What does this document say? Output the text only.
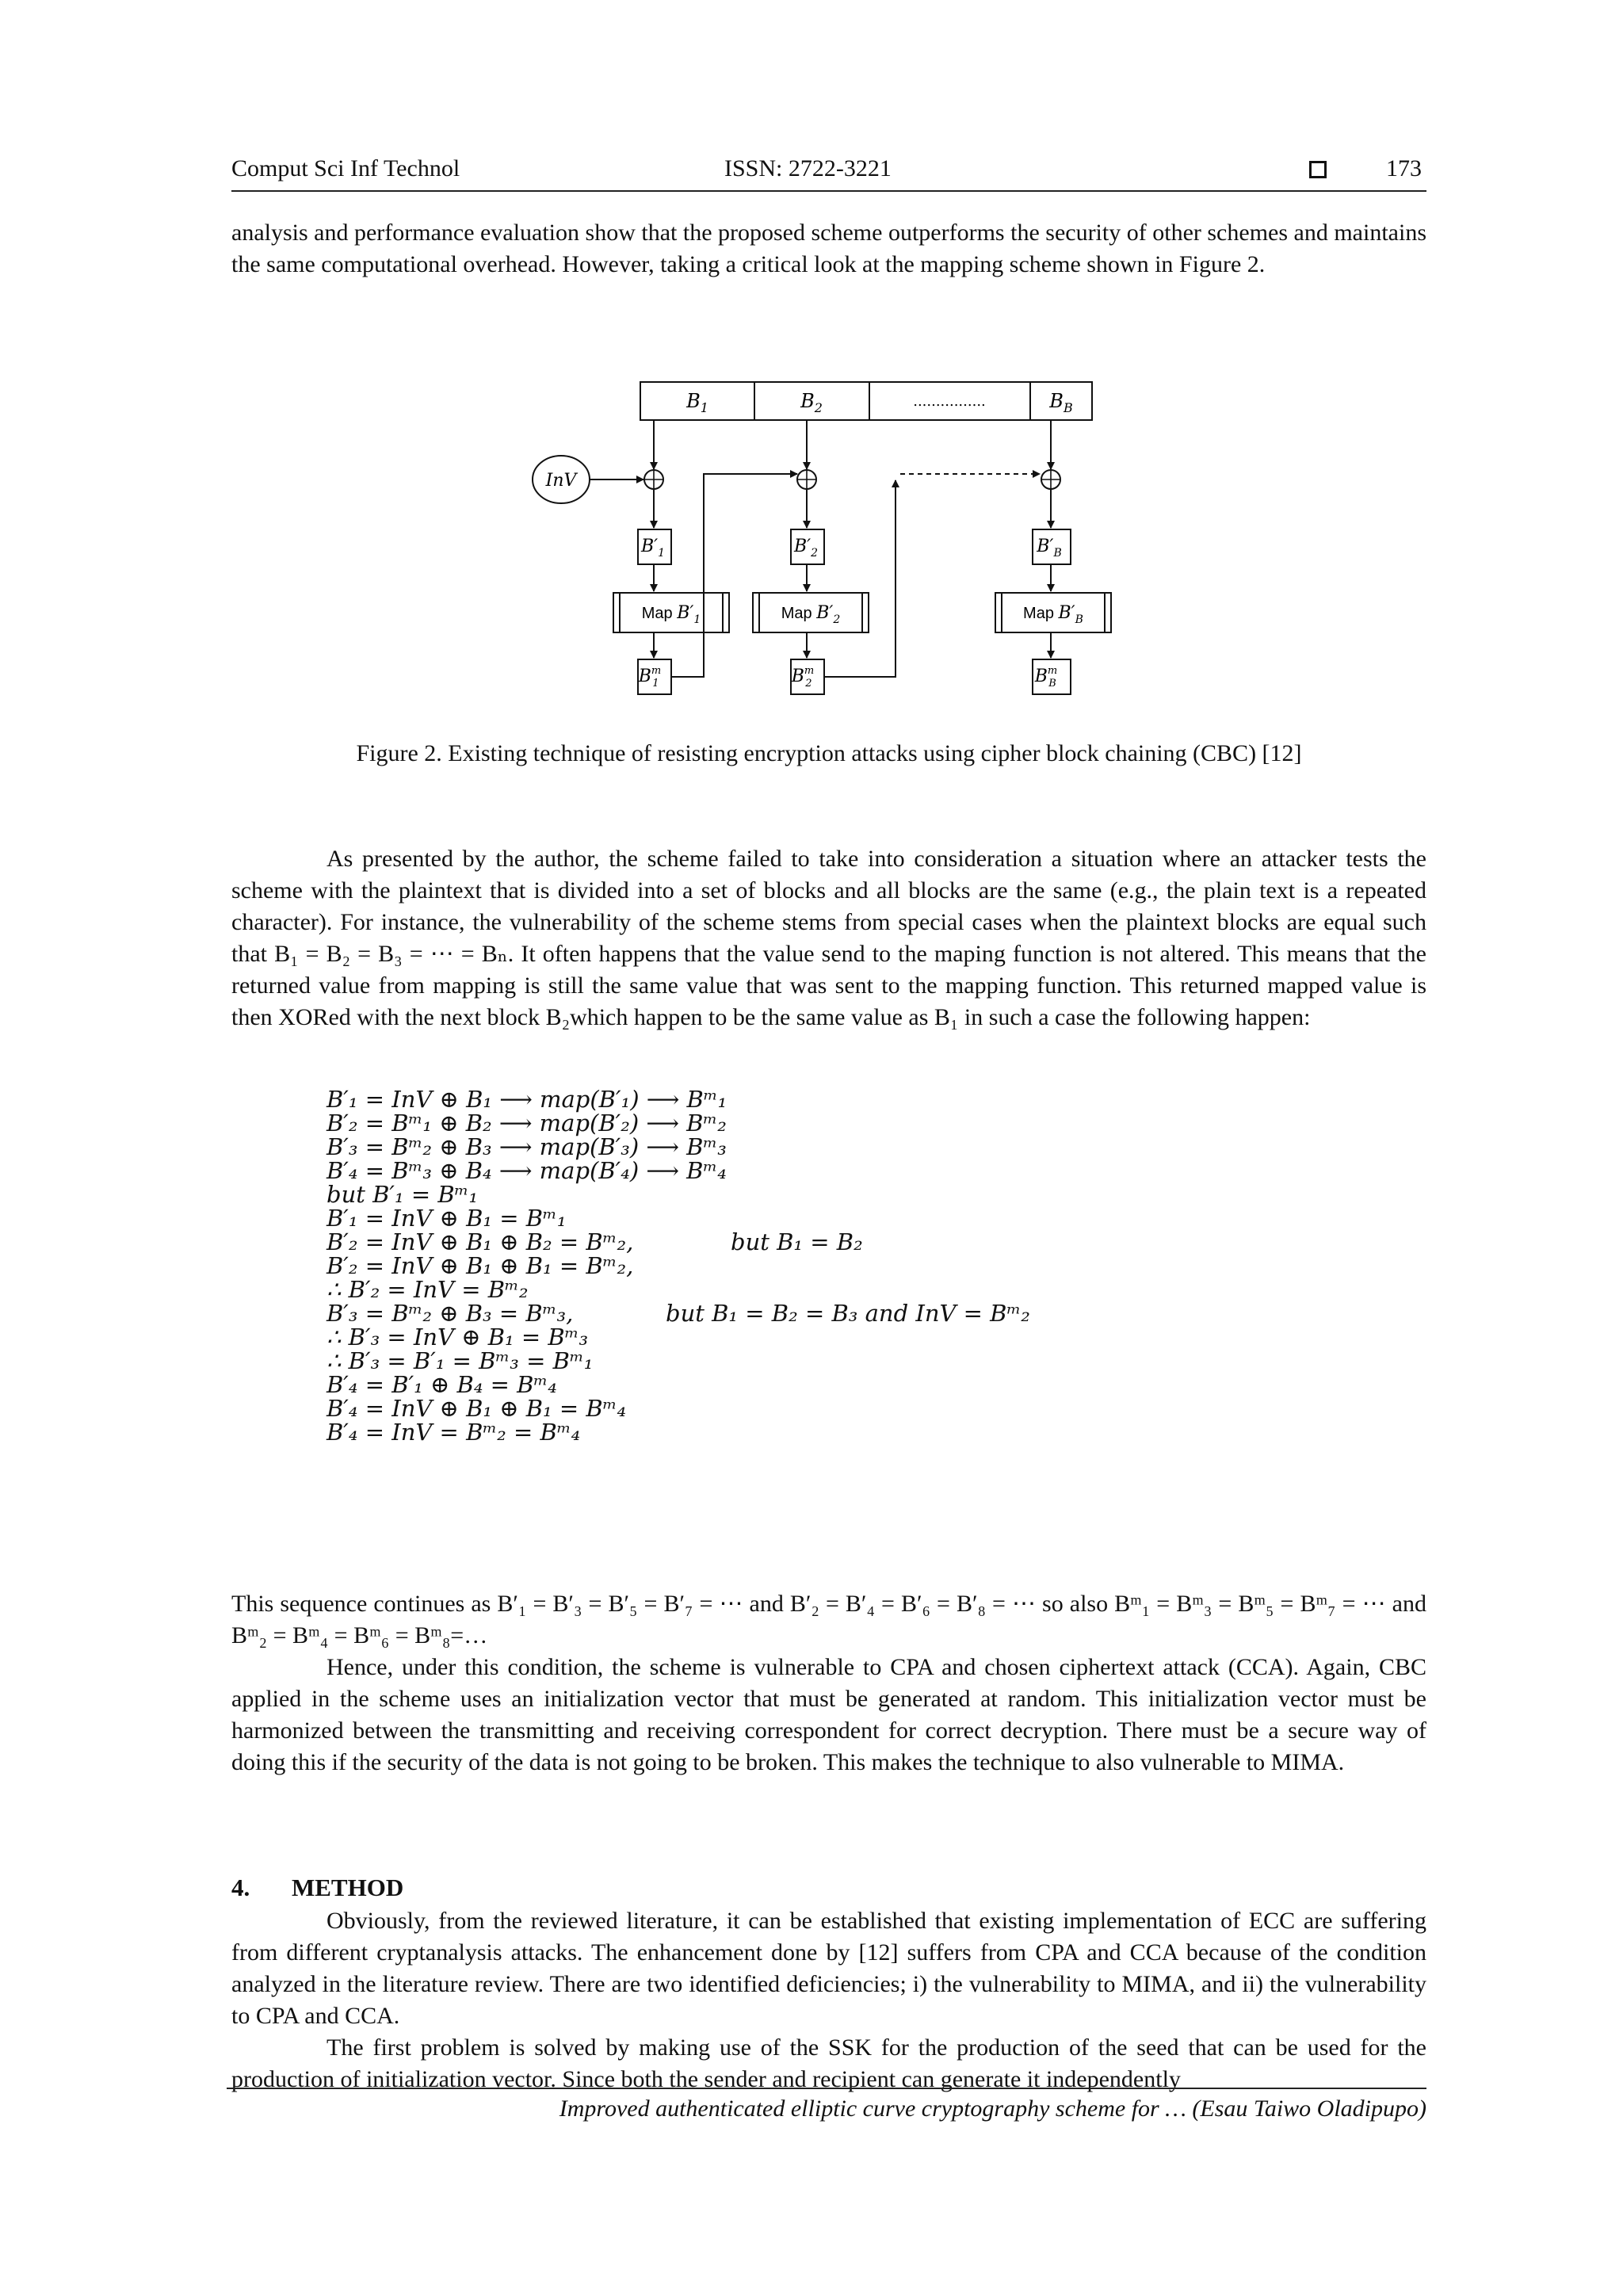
Comput Sci Inf Technol	ISSN: 2722-3221	173

analysis and performance evaluation show that the proposed scheme outperforms the security of other schemes and maintains the same computational overhead. However, taking a critical look at the mapping scheme shown in Figure 2.

$B_1$	$B_2$	................	$B_B$
InV
$B'_1$	$B'_2$	$B'_B$
Map $B'_1$	Map $B'_2$	Map $B'_B$
$B^m$ 1	$B^m$ 2	$B^m$ B
Figure 2. Existing technique of resisting encryption attacks using cipher block chaining (CBC) [12]

As presented by the author, the scheme failed to take into consideration a situation where an attacker tests the scheme with the plaintext that is divided into a set of blocks and all blocks are the same (e.g., the plain text is a repeated character). For instance, the vulnerability of the scheme stems from special cases when the plaintext blocks are equal such that B₁ = B₂ = B₃ = ⋯ = Bₙ. It often happens that the value send to the maping function is not altered. This means that the returned value from mapping is still the same value that was sent to the mapping function. This returned mapped value is then XORed with the next block B₂which happen to be the same value as B₁ in such a case the following happen:

B′₁ = InV ⊕ B₁ ⟶ map(B′₁) ⟶ Bᵐ₁
B′₂ = Bᵐ₁ ⊕ B₂ ⟶ map(B′₂) ⟶ Bᵐ₂
B′₃ = Bᵐ₂ ⊕ B₃ ⟶ map(B′₃) ⟶ Bᵐ₃
B′₄ = Bᵐ₃ ⊕ B₄ ⟶ map(B′₄) ⟶ Bᵐ₄
but B′₁ = Bᵐ₁
B′₁ = InV ⊕ B₁ = Bᵐ₁
B′₂ = InV ⊕ B₁ ⊕ B₂ = Bᵐ₂,	but B₁ = B₂
B′₂ = InV ⊕ B₁ ⊕ B₁ = Bᵐ₂,
∴ B′₂ = InV = Bᵐ₂
B′₃ = Bᵐ₂ ⊕ B₃ = Bᵐ₃,	but B₁ = B₂ = B₃ and InV = Bᵐ₂
∴ B′₃ = InV ⊕ B₁ = Bᵐ₃
∴ B′₃ = B′₁ = Bᵐ₃ = Bᵐ₁
B′₄ = B′₁ ⊕ B₄ = Bᵐ₄
B′₄ = InV ⊕ B₁ ⊕ B₁ = Bᵐ₄
B′₄ = InV = Bᵐ₂ = Bᵐ₄

This sequence continues as B′₁ = B′₃ = B′₅ = B′₇ = ⋯ and B′₂ = B′₄ = B′₆ = B′₈ = ⋯ so also Bᵐ₁ = Bᵐ₃ = Bᵐ₅ = Bᵐ₇ = ⋯ and Bᵐ₂ = Bᵐ₄ = Bᵐ₆ = Bᵐ₈=…

Hence, under this condition, the scheme is vulnerable to CPA and chosen ciphertext attack (CCA). Again, CBC applied in the scheme uses an initialization vector that must be generated at random. This initialization vector must be harmonized between the transmitting and receiving correspondent for correct decryption. There must be a secure way of doing this if the security of the data is not going to be broken. This makes the technique to also vulnerable to MIMA.

4. METHOD

Obviously, from the reviewed literature, it can be established that existing implementation of ECC are suffering from different cryptanalysis attacks. The enhancement done by [12] suffers from CPA and CCA because of the condition analyzed in the literature review. There are two identified deficiencies; i) the vulnerability to MIMA, and ii) the vulnerability to CPA and CCA.

The first problem is solved by making use of the SSK for the production of the seed that can be used for the production of initialization vector. Since both the sender and recipient can generate it independently

Improved authenticated elliptic curve cryptography scheme for … (Esau Taiwo Oladipupo)
